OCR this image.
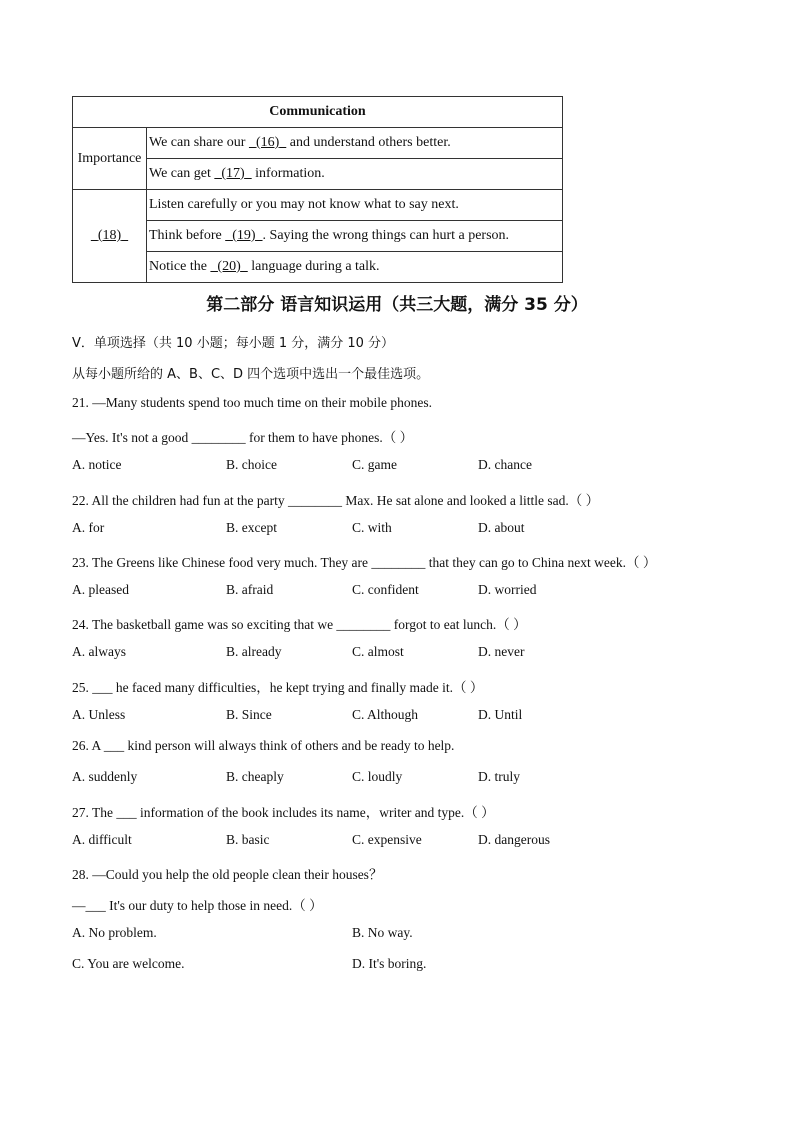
Communication	
Importance	We can share our   (16)   and understand others better.
	We can get   (17)   information.
(18)	Listen carefully or you may not know what to say next.
	Think before   (19) . Saying the wrong things can hurt a person.
	Notice the   (20)   language during a talk.
第二部分 语言知识运用（共三大题，满分 35 分）
V．单项选择（共 10 小题；每小题 1 分，满分 10 分）
从每小题所给的 A、B、C、D 四个选项中选出一个最佳选项。
21. —Many students spend too much time on their mobile phones.
—Yes. It's not a good ________ for them to have phones.（ ）
A. notice	B. choice	C. game	D. chance
22. All the children had fun at the party ________ Max. He sat alone and looked a little sad.（ ）
A. for	B. except	C. with	D. about
23. The Greens like Chinese food very much. They are ________ that they can go to China next week.（ ）
A. pleased	B. afraid	C. confident	D. worried
24. The basketball game was so exciting that we ________ forgot to eat lunch.（ ）
A. always	B. already	C. almost	D. never
25. ___ he faced many difficulties，he kept trying and finally made it.（ ）
A. Unless	B. Since	C. Although	D. Until
26. A ___ kind person will always think of others and be ready to help.
A. suddenly	B. cheaply	C. loudly	D. truly
27. The ___ information of the book includes its name，writer and type.（ ）
A. difficult	B. basic	C. expensive	D. dangerous
28. —Could you help the old people clean their houses？
—___ It's our duty to help those in need.（ ）
A. No problem.	B. No way.
C. You are welcome.	D. It's boring.
